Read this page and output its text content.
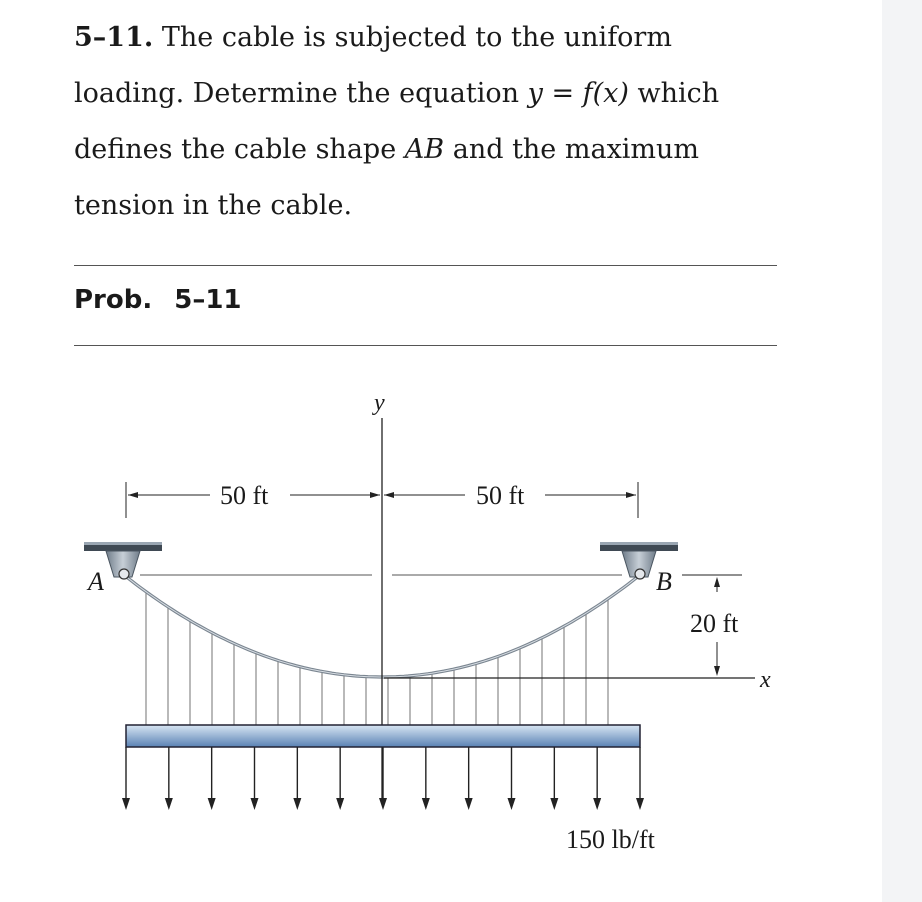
5–11. The cable is subjected to the uniform loading. Determine the equation y = f(x) which defines the cable shape AB and the maximum tension in the cable.
Prob. 5–11
x
y
50 ft	50 ft
20 ft
A	B
150 lb/ft
